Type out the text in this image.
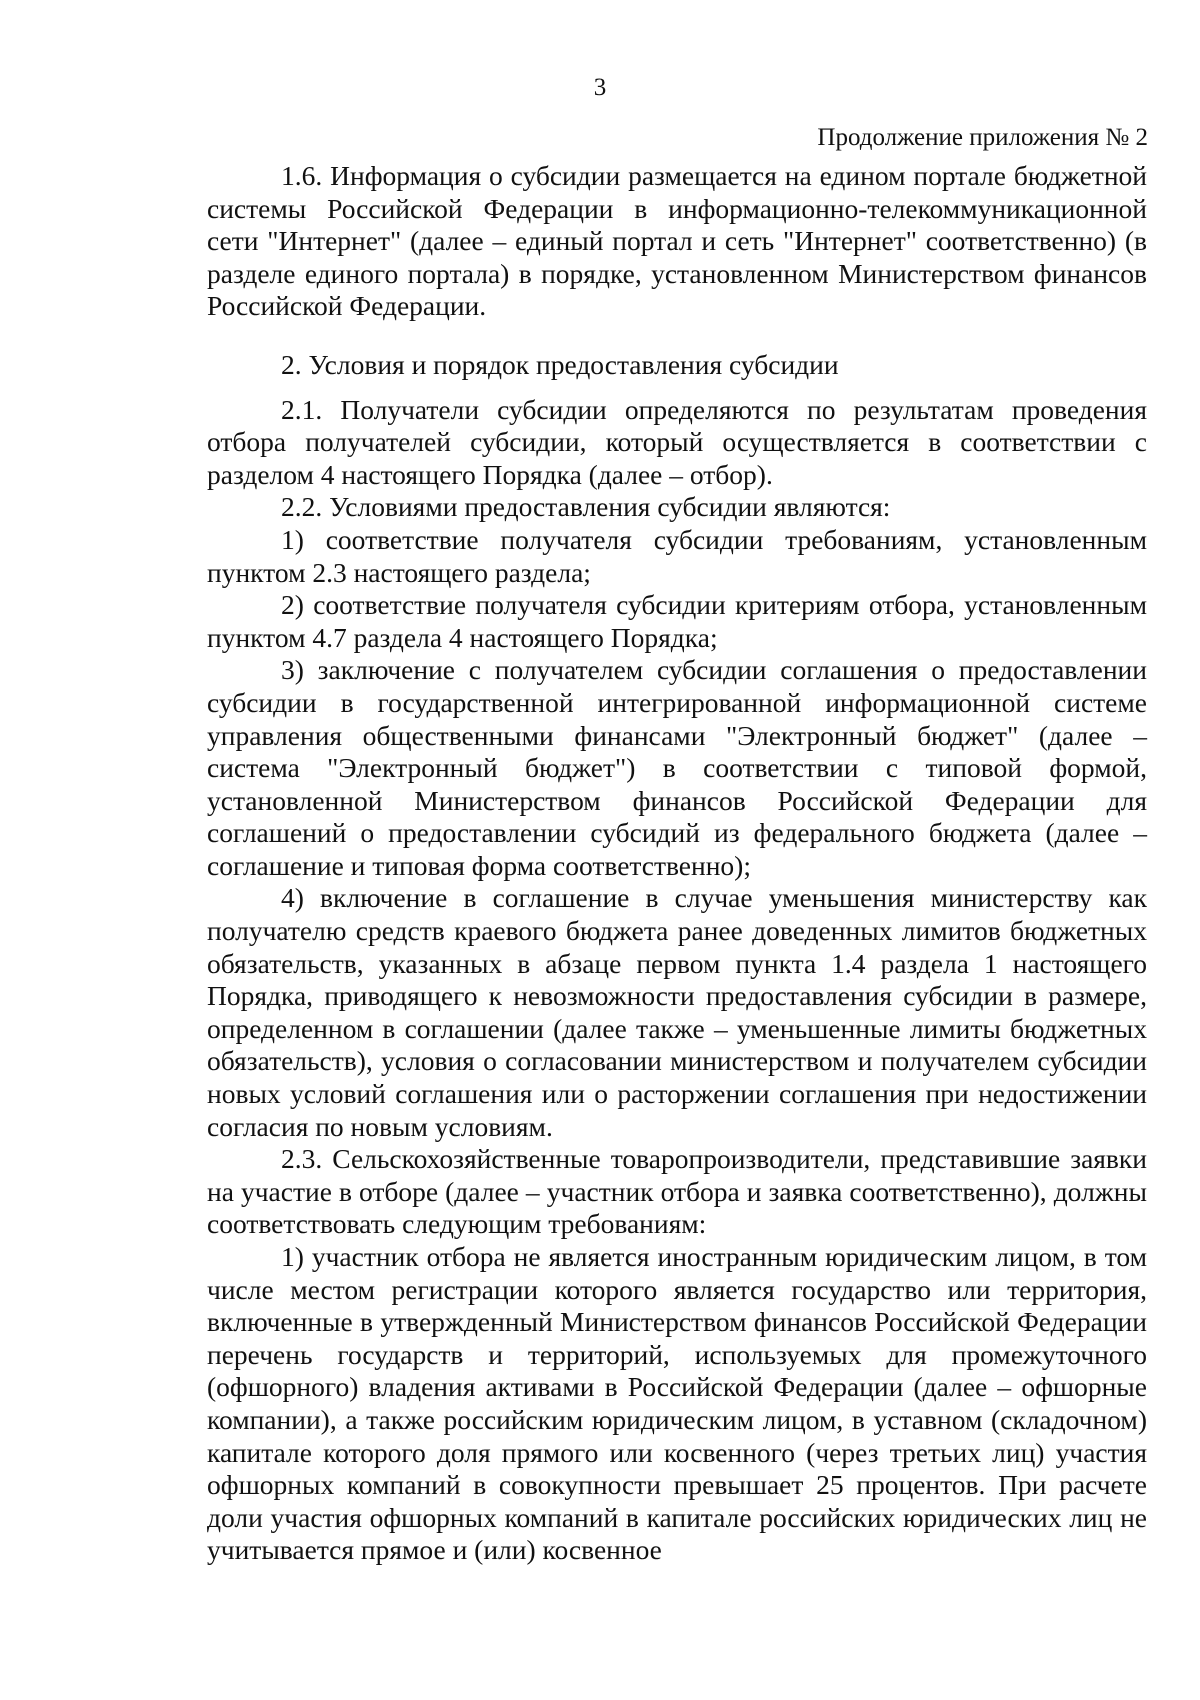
3
Продолжение приложения № 2

1.6. Информация о субсидии размещается на едином портале бюджетной системы Российской Федерации в информационно-телекоммуникационной сети "Интернет" (далее – единый портал и сеть "Интернет" соответственно) (в разделе единого портала) в порядке, установленном Министерством финансов Российской Федерации.

2. Условия и порядок предоставления субсидии

2.1. Получатели субсидии определяются по результатам проведения отбора получателей субсидии, который осуществляется в соответствии с разделом 4 настоящего Порядка (далее – отбор).

2.2. Условиями предоставления субсидии являются:

1) соответствие получателя субсидии требованиям, установленным пунктом 2.3 настоящего раздела;

2) соответствие получателя субсидии критериям отбора, установленным пунктом 4.7 раздела 4 настоящего Порядка;

3) заключение с получателем субсидии соглашения о предоставлении субсидии в государственной интегрированной информационной системе управления общественными финансами "Электронный бюджет" (далее – система "Электронный бюджет") в соответствии с типовой формой, установленной Министерством финансов Российской Федерации для соглашений о предоставлении субсидий из федерального бюджета (далее – соглашение и типовая форма соответственно);

4) включение в соглашение в случае уменьшения министерству как получателю средств краевого бюджета ранее доведенных лимитов бюджетных обязательств, указанных в абзаце первом пункта 1.4 раздела 1 настоящего Порядка, приводящего к невозможности предоставления субсидии в размере, определенном в соглашении (далее также – уменьшенные лимиты бюджетных обязательств), условия о согласовании министерством и получателем субсидии новых условий соглашения или о расторжении соглашения при недостижении согласия по новым условиям.

2.3. Сельскохозяйственные товаропроизводители, представившие заявки на участие в отборе (далее – участник отбора и заявка соответственно), должны соответствовать следующим требованиям:

1) участник отбора не является иностранным юридическим лицом, в том числе местом регистрации которого является государство или территория, включенные в утвержденный Министерством финансов Российской Федерации перечень государств и территорий, используемых для промежуточного (офшорного) владения активами в Российской Федерации (далее – офшорные компании), а также российским юридическим лицом, в уставном (складочном) капитале которого доля прямого или косвенного (через третьих лиц) участия офшорных компаний в совокупности превышает 25 процентов. При расчете доли участия офшорных компаний в капитале российских юридических лиц не учитывается прямое и (или) косвенное
